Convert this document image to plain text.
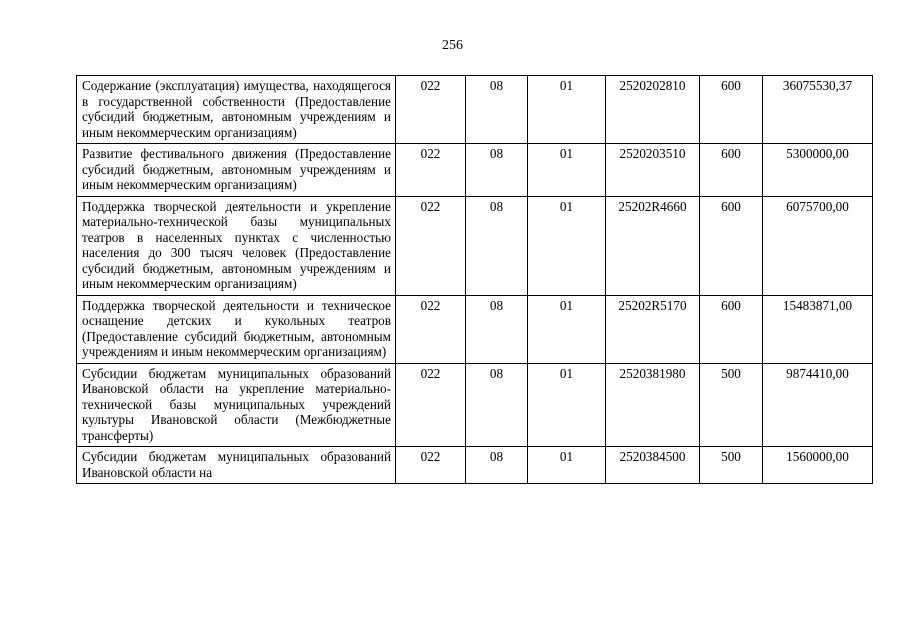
256
Содержание (эксплуатация) имущества, находящегося в государственной собственности (Предоставление субсидий бюджетным, автономным учреждениям и иным некоммерческим организациям)	022	08	01	2520202810	600	36075530,37
Развитие фестивального движения (Предоставление субсидий бюджетным, автономным учреждениям и иным некоммерческим организациям)	022	08	01	2520203510	600	5300000,00
Поддержка творческой деятельности и укрепление материально-технической базы муниципальных театров в населенных пунктах с численностью населения до 300 тысяч человек (Предоставление субсидий бюджетным, автономным учреждениям и иным некоммерческим организациям)	022	08	01	25202R4660	600	6075700,00
Поддержка творческой деятельности и техническое оснащение детских и кукольных театров (Предоставление субсидий бюджетным, автономным учреждениям и иным некоммерческим организациям)	022	08	01	25202R5170	600	15483871,00
Субсидии бюджетам муниципальных образований Ивановской области на укрепление материально-технической базы муниципальных учреждений культуры Ивановской области (Межбюджетные трансферты)	022	08	01	2520381980	500	9874410,00
Субсидии бюджетам муниципальных образований Ивановской области на	022	08	01	2520384500	500	1560000,00
